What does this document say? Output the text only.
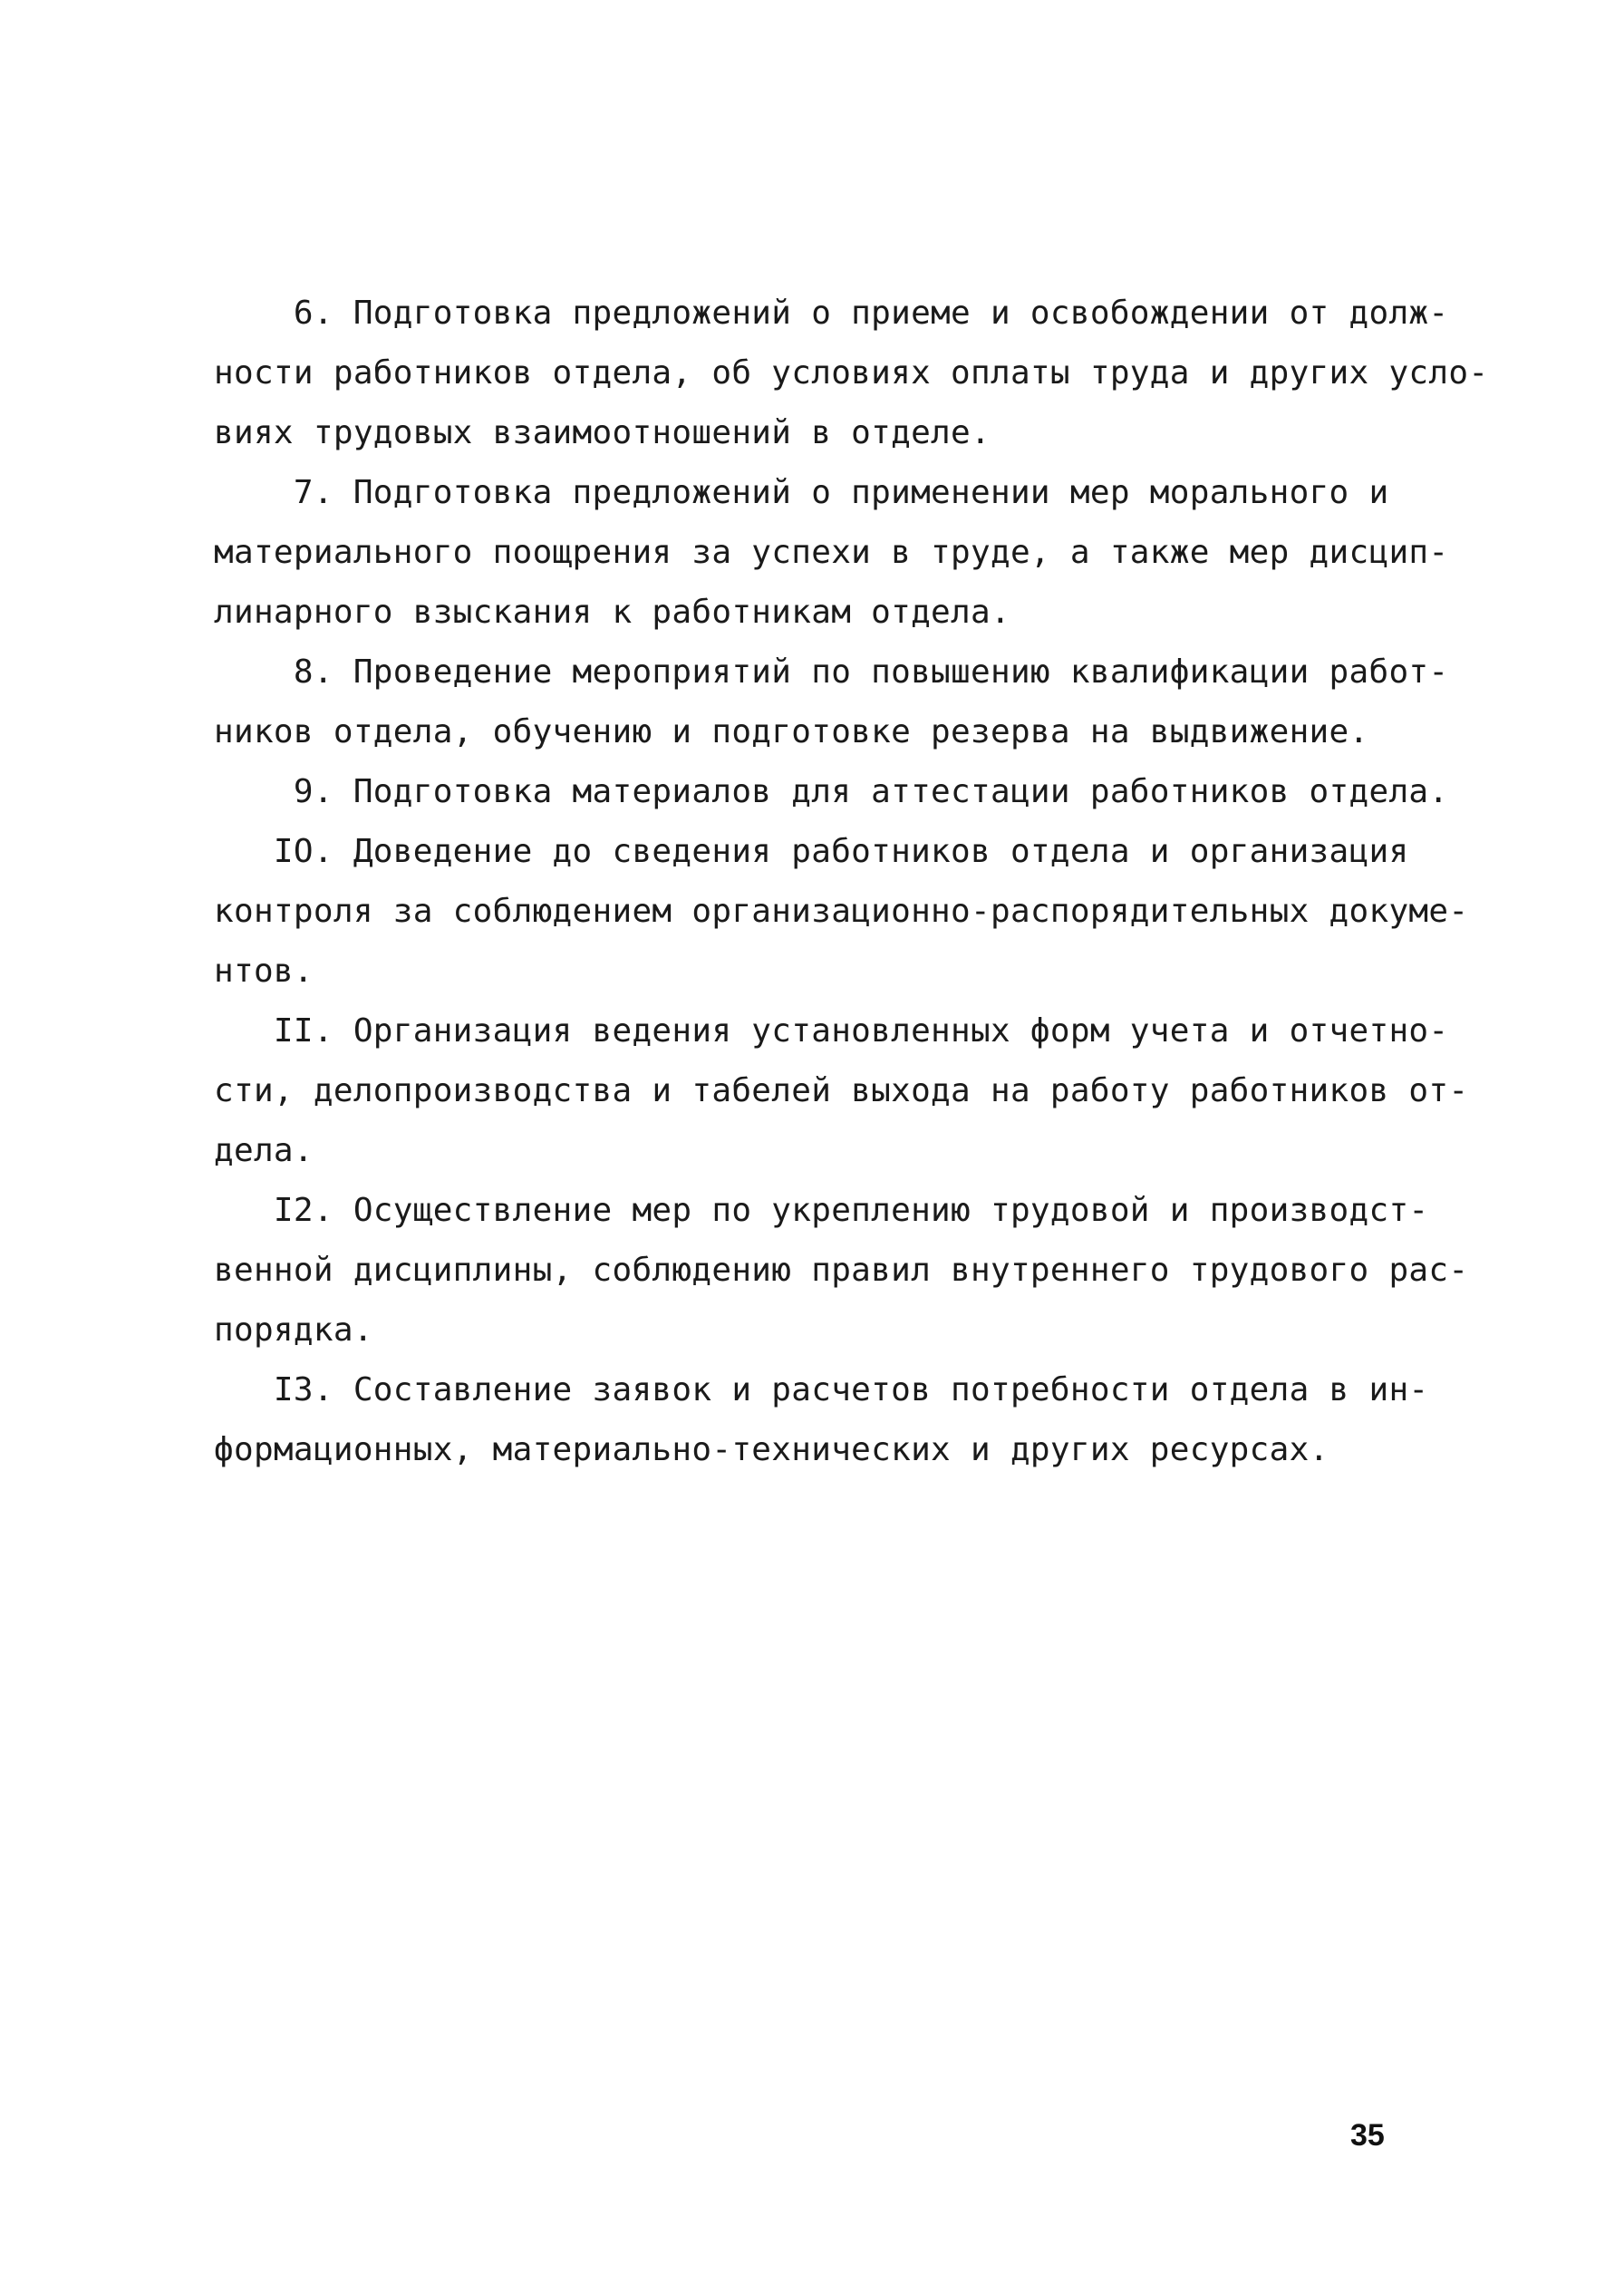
6. Подготовка предложений о приеме и освобождении от долж-
ности работников отдела, об условиях оплаты труда и других усло-
виях трудовых взаимоотношений в отделе.
7. Подготовка предложений о применении мер морального и
материального поощрения за успехи в труде, а также мер дисцип-
линарного взыскания к работникам отдела.
8. Проведение мероприятий по повышению квалификации работ-
ников отдела, обучению и подготовке резерва на выдвижение.
9. Подготовка материалов для аттестации работников отдела.
IO. Доведение до сведения работников отдела и организация
контроля за соблюдением организационно-распорядительных докуме-
нтов.
II. Организация ведения установленных форм учета и отчетно-
сти, делопроизводства и табелей выхода на работу работников от-
дела.
I2. Осуществление мер по укреплению трудовой и производст-
венной дисциплины, соблюдению правил внутреннего трудового рас-
порядка.
I3. Составление заявок и расчетов потребности отдела в ин-
формационных, материально-технических и других ресурсах.
35
